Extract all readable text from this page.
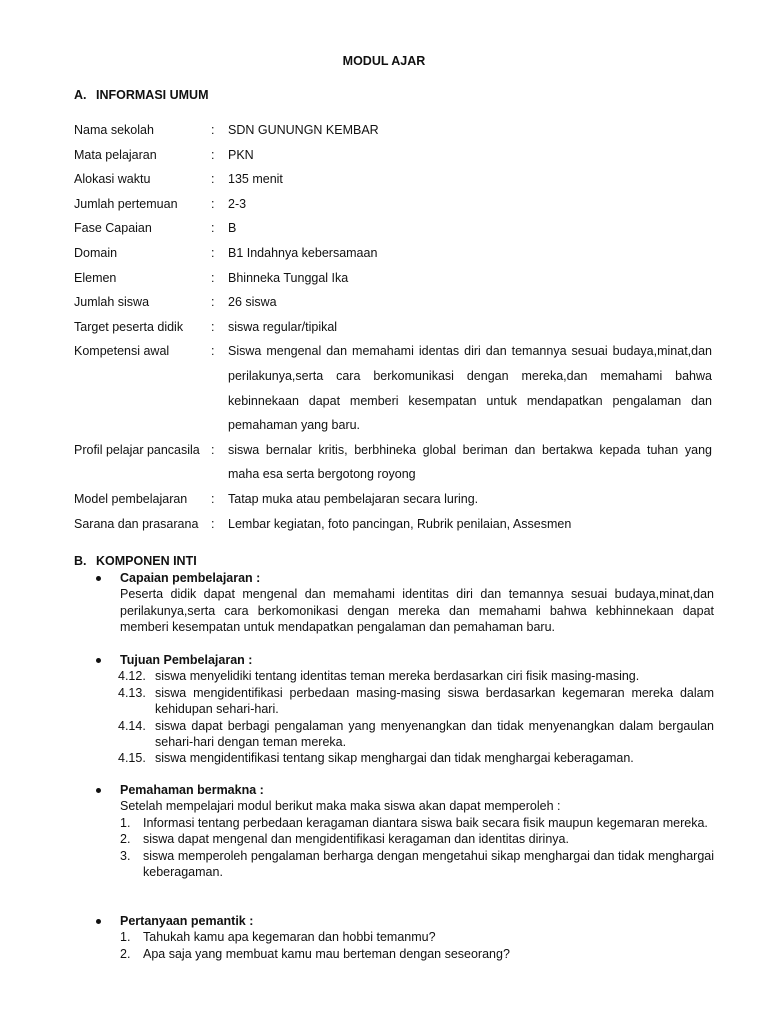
MODUL AJAR
A. INFORMASI UMUM
Nama sekolah	:	SDN GUNUNGN KEMBAR
Mata pelajaran	:	PKN
Alokasi waktu	:	135 menit
Jumlah pertemuan	:	2-3
Fase Capaian	:	B
Domain	:	B1 Indahnya kebersamaan
Elemen	:	Bhinneka Tunggal Ika
Jumlah siswa	:	26 siswa
Target peserta didik	:	siswa regular/tipikal
Kompetensi awal	:	Siswa mengenal dan memahami identas diri dan temannya sesuai budaya,minat,dan perilakunya,serta cara berkomunikasi dengan mereka,dan memahami bahwa kebinnekaan dapat memberi kesempatan untuk mendapatkan pengalaman dan pemahaman yang baru.
Profil pelajar pancasila :	siswa bernalar kritis, berbhineka global beriman dan bertakwa kepada tuhan yang maha esa serta bergotong royong
Model pembelajaran	:	Tatap muka atau pembelajaran secara luring.
Sarana dan prasarana	:	Lembar kegiatan, foto pancingan, Rubrik penilaian, Assesmen
B. KOMPONEN INTI
Capaian pembelajaran :
Peserta didik dapat mengenal dan memahami identitas diri dan temannya sesuai budaya,minat,dan perilakunya,serta cara berkomonikasi dengan mereka dan memahami bahwa kebhinnekaan dapat memberi kesempatan untuk mendapatkan pengalaman dan pemahaman baru.
Tujuan Pembelajaran :
4.12. siswa menyelidiki tentang identitas teman mereka berdasarkan ciri fisik masing-masing.
4.13. siswa mengidentifikasi perbedaan masing-masing siswa berdasarkan kegemaran mereka dalam kehidupan sehari-hari.
4.14. siswa dapat berbagi pengalaman yang menyenangkan dan tidak menyenangkan dalam bergaulan sehari-hari dengan teman mereka.
4.15. siswa mengidentifikasi tentang sikap menghargai dan tidak menghargai keberagaman.
Pemahaman bermakna :
Setelah mempelajari modul berikut maka maka siswa akan dapat memperoleh :
1. Informasi tentang perbedaan keragaman diantara siswa baik secara fisik maupun kegemaran mereka.
2. siswa dapat mengenal dan mengidentifikasi keragaman dan identitas dirinya.
3. siswa memperoleh pengalaman berharga dengan mengetahui sikap menghargai dan tidak menghargai keberagaman.
Pertanyaan pemantik :
1. Tahukah kamu apa kegemaran dan hobbi temanmu?
2. Apa saja yang membuat kamu mau berteman dengan seseorang?
